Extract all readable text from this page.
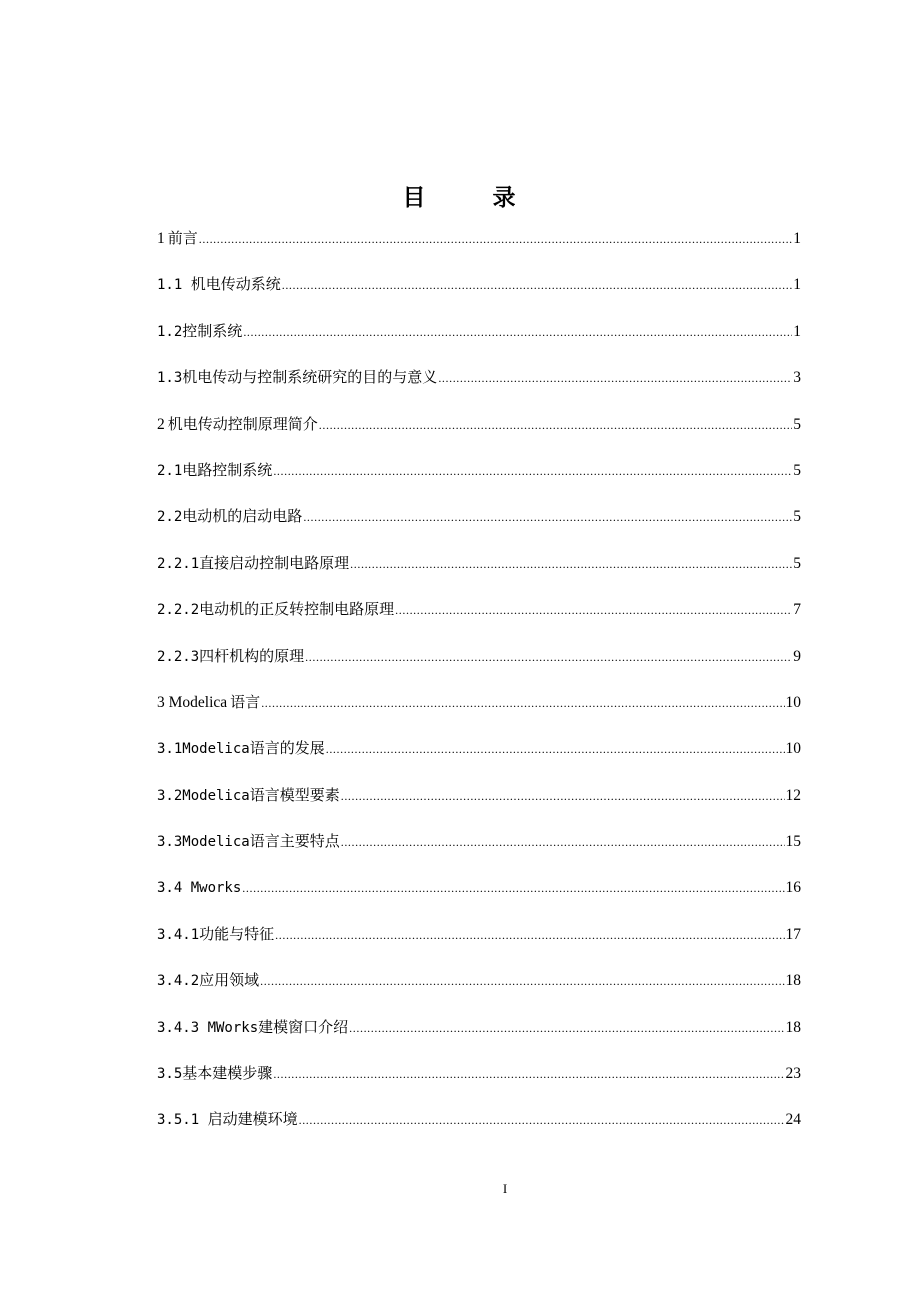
目　录
1 前言 .....	1
1.1 机电传动系统 .....	1
1.2控制系统 .....	1
1.3机电传动与控制系统研究的目的与意义 .....	3
2 机电传动控制原理简介 .....	5
2.1电路控制系统 .....	5
2.2电动机的启动电路 .....	5
2.2.1直接启动控制电路原理 .....	5
2.2.2电动机的正反转控制电路原理 .....	7
2.2.3四杆机构的原理 .....	9
3 Modelica 语言 .....	10
3.1Modelica语言的发展 .....	10
3.2Modelica语言模型要素 .....	12
3.3Modelica语言主要特点 .....	15
3.4 Mworks .....	16
3.4.1功能与特征 .....	17
3.4.2应用领域 .....	18
3.4.3 MWorks建模窗口介绍 .....	18
3.5基本建模步骤 .....	23
3.5.1 启动建模环境 .....	24
I
